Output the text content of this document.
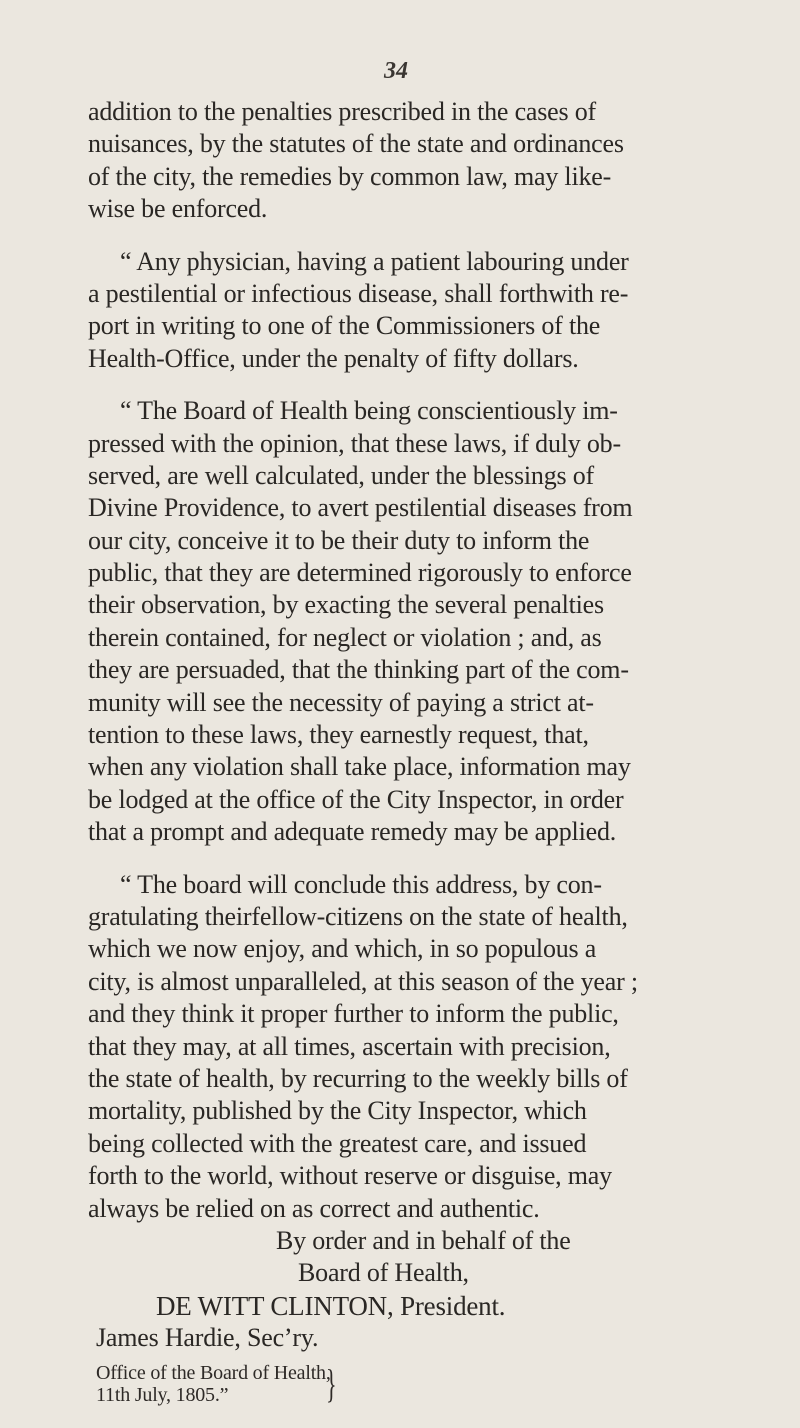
34
addition to the penalties prescribed in the cases of
nuisances, by the statutes of the state and ordinances
of the city, the remedies by common law, may like-
wise be enforced.
“ Any physician, having a patient labouring under
a pestilential or infectious disease, shall forthwith re-
port in writing to one of the Commissioners of the
Health-Office, under the penalty of fifty dollars.
“ The Board of Health being conscientiously im-
pressed with the opinion, that these laws, if duly ob-
served, are well calculated, under the blessings of
Divine Providence, to avert pestilential diseases from
our city, conceive it to be their duty to inform the
public, that they are determined rigorously to enforce
their observation, by exacting the several penalties
therein contained, for neglect or violation ; and, as
they are persuaded, that the thinking part of the com-
munity will see the necessity of paying a strict at-
tention to these laws, they earnestly request, that,
when any violation shall take place, information may
be lodged at the office of the City Inspector, in order
that a prompt and adequate remedy may be applied.
“ The board will conclude this address, by con-
gratulating theirfellow-citizens on the state of health,
which we now enjoy, and which, in so populous a
city, is almost unparalleled, at this season of the year ;
and they think it proper further to inform the public,
that they may, at all times, ascertain with precision,
the state of health, by recurring to the weekly bills of
mortality, published by the City Inspector, which
being collected with the greatest care, and issued
forth to the world, without reserve or disguise, may
always be relied on as correct and authentic.
By order and in behalf of the
Board of Health,
DE WITT CLINTON, President.
James Hardie, Sec’ry.
Office of the Board of Health,
11th July, 1805.”	}
